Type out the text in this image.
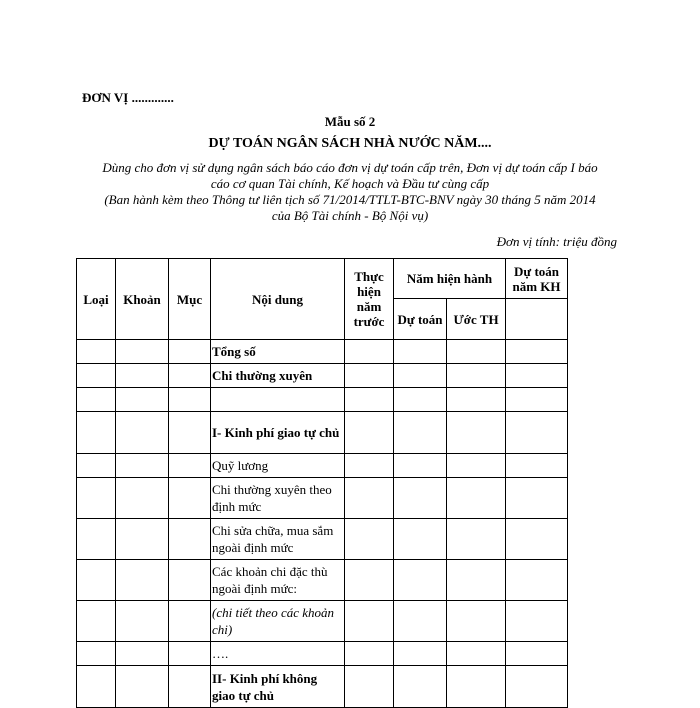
ĐƠN VỊ .............
Mẫu số 2
DỰ TOÁN NGÂN SÁCH NHÀ NƯỚC NĂM....
Dùng cho đơn vị sử dụng ngân sách báo cáo đơn vị dự toán cấp trên, Đơn vị dự toán cấp I báo
cáo cơ quan Tài chính, Kế hoạch và Đầu tư cùng cấp
(Ban hành kèm theo Thông tư liên tịch số 71/2014/TTLT-BTC-BNV ngày 30 tháng 5 năm 2014
của Bộ Tài chính - Bộ Nội vụ)
Đơn vị tính: triệu đồng
Loại	Khoản	Mục	Nội dung	Thực hiện năm trước	Năm hiện hành		Dự toán năm KH
					Dự toán	Ước TH	
			Tổng số				
			Chi thường xuyên				

			I- Kinh phí giao tự chủ				
			Quỹ lương				
			Chi thường xuyên theo định mức				
			Chi sửa chữa, mua sắm ngoài định mức				
			Các khoản chi đặc thù ngoài định mức:				
			(chi tiết theo các khoản chi)				
			….				
			II- Kinh phí không giao tự chủ				
